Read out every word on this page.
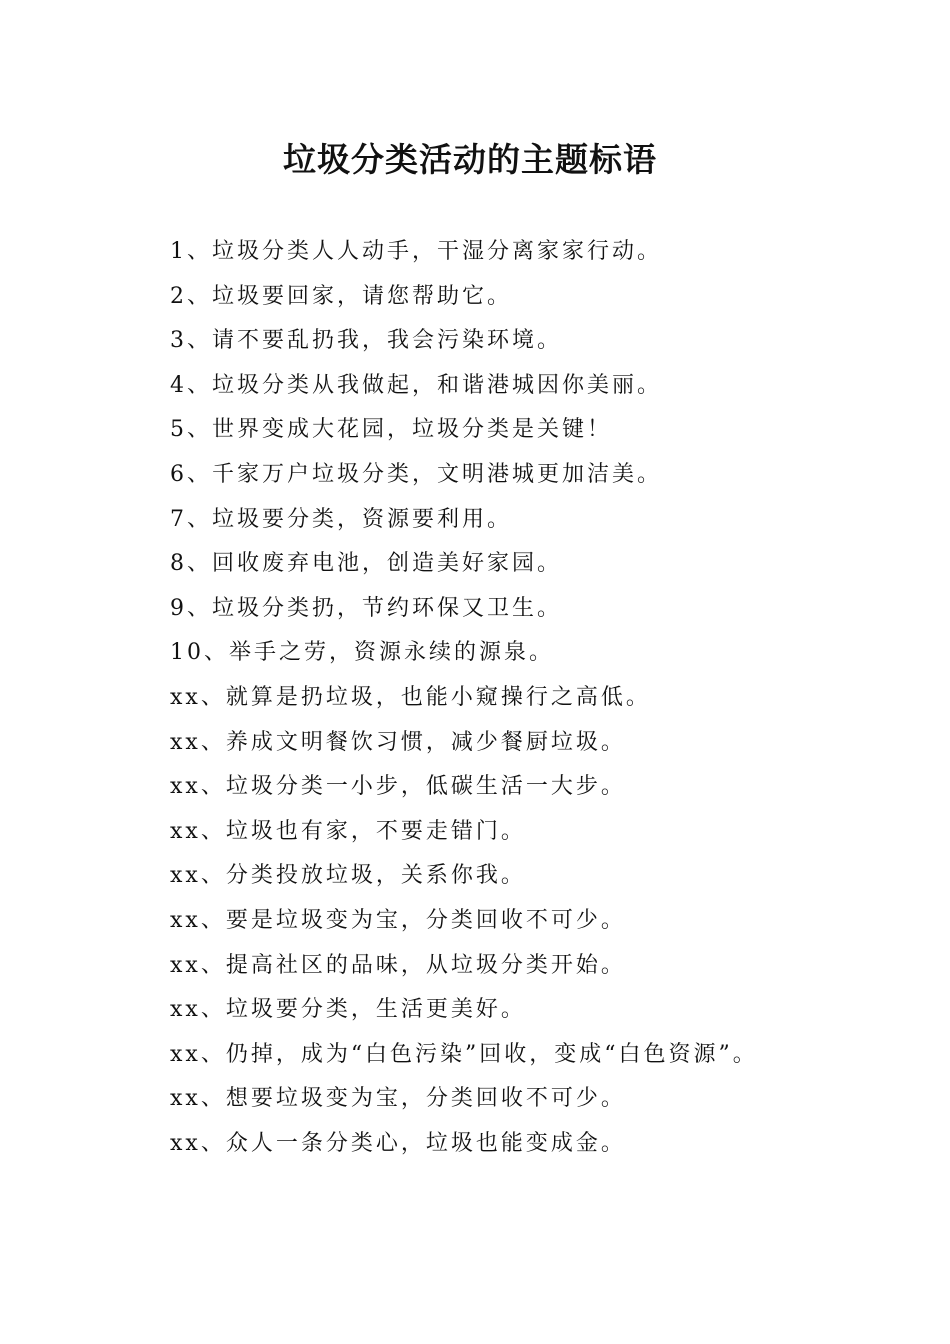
垃圾分类活动的主题标语
1、垃圾分类人人动手，干湿分离家家行动。
2、垃圾要回家，请您帮助它。
3、请不要乱扔我，我会污染环境。
4、垃圾分类从我做起，和谐港城因你美丽。
5、世界变成大花园，垃圾分类是关键！
6、千家万户垃圾分类，文明港城更加洁美。
7、垃圾要分类，资源要利用。
8、回收废弃电池，创造美好家园。
9、垃圾分类扔，节约环保又卫生。
10、举手之劳，资源永续的源泉。
xx、就算是扔垃圾，也能小窥操行之高低。
xx、养成文明餐饮习惯，减少餐厨垃圾。
xx、垃圾分类一小步，低碳生活一大步。
xx、垃圾也有家，不要走错门。
xx、分类投放垃圾，关系你我。
xx、要是垃圾变为宝，分类回收不可少。
xx、提高社区的品味，从垃圾分类开始。
xx、垃圾要分类，生活更美好。
xx、仍掉，成为“白色污染”回收，变成“白色资源”。
xx、想要垃圾变为宝，分类回收不可少。
xx、众人一条分类心，垃圾也能变成金。
